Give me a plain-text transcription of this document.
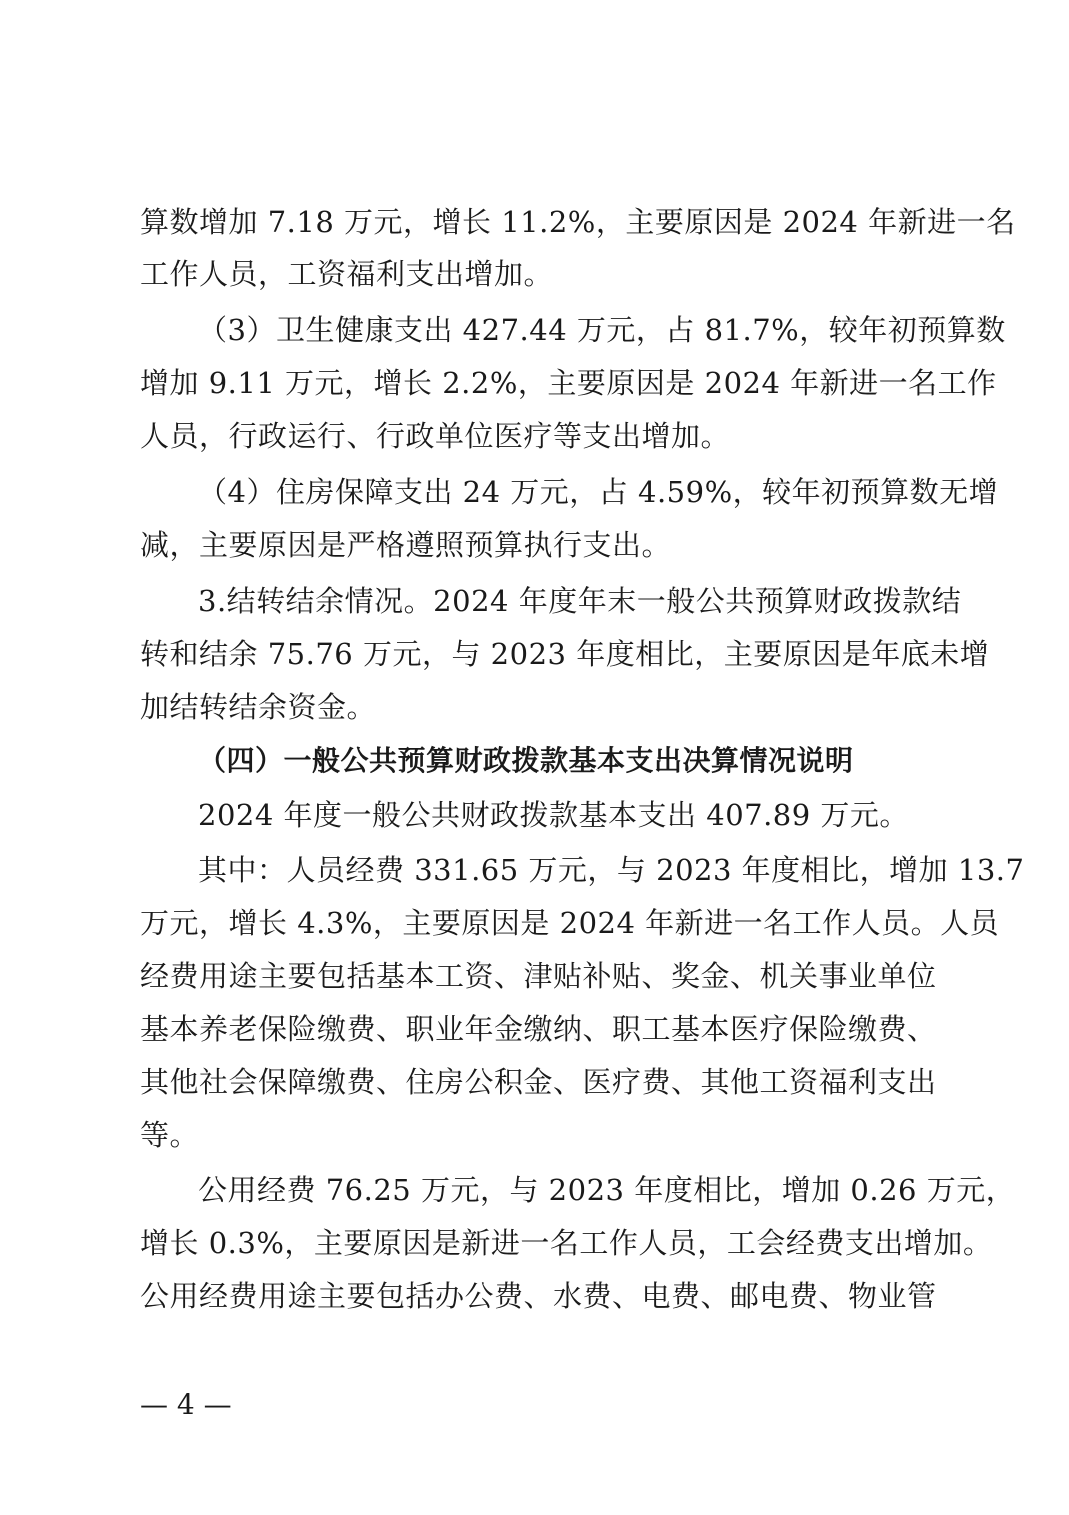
算数增加 7.18 万元，增长 11.2%，主要原因是 2024 年新进一名
工作人员，工资福利支出增加。
（3）卫生健康支出 427.44 万元，占 81.7%，较年初预算数
增加 9.11 万元，增长 2.2%，主要原因是 2024 年新进一名工作
人员，行政运行、行政单位医疗等支出增加。
（4）住房保障支出 24 万元，占 4.59%，较年初预算数无增
减，主要原因是严格遵照预算执行支出。
3.结转结余情况。2024 年度年末一般公共预算财政拨款结
转和结余 75.76 万元，与 2023 年度相比，主要原因是年底未增
加结转结余资金。
（四）一般公共预算财政拨款基本支出决算情况说明
2024 年度一般公共财政拨款基本支出 407.89 万元。
其中：人员经费 331.65 万元，与 2023 年度相比，增加 13.7
万元，增长 4.3%，主要原因是 2024 年新进一名工作人员。人员
经费用途主要包括基本工资、津贴补贴、奖金、机关事业单位
基本养老保险缴费、职业年金缴纳、职工基本医疗保险缴费、
其他社会保障缴费、住房公积金、医疗费、其他工资福利支出
等。
公用经费 76.25 万元，与 2023 年度相比，增加 0.26 万元，
增长 0.3%，主要原因是新进一名工作人员，工会经费支出增加。
公用经费用途主要包括办公费、水费、电费、邮电费、物业管
— 4 —
